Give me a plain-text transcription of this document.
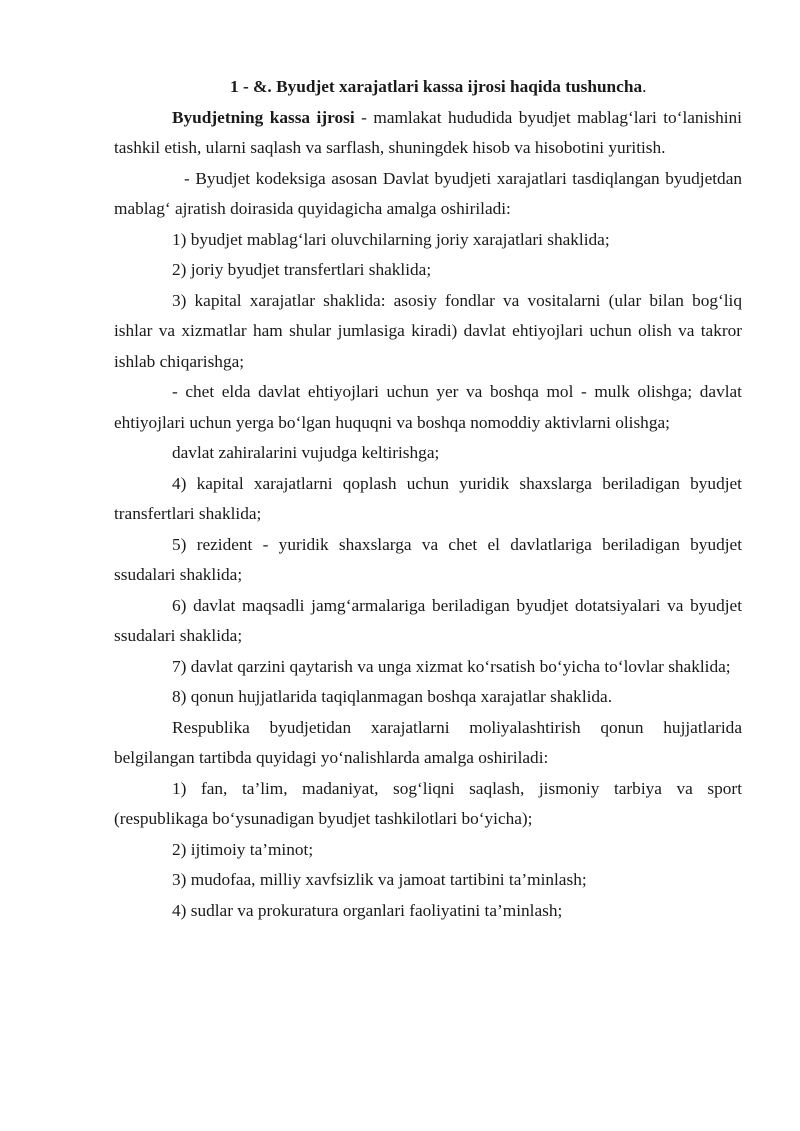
1 - &. Byudjet xarajatlari kassa ijrosi haqida tushuncha.

Byudjetning kassa ijrosi - mamlakat hududida byudjet mablag‘lari to‘lanishini tashkil etish, ularni saqlash va sarflash, shuningdek hisob va hisobotini yuritish.

- Byudjet kodeksiga asosan Davlat byudjeti xarajatlari tasdiqlangan byudjetdan mablag‘ ajratish doirasida quyidagicha amalga oshiriladi:

1) byudjet mablag‘lari oluvchilarning joriy xarajatlari shaklida;

2) joriy byudjet transfertlari shaklida;

3) kapital xarajatlar shaklida: asosiy fondlar va vositalarni (ular bilan bog‘liq ishlar va xizmatlar ham shular jumlasiga kiradi) davlat ehtiyojlari uchun olish va takror ishlab chiqarishga;

- chet elda davlat ehtiyojlari uchun yer va boshqa mol - mulk olishga; davlat ehtiyojlari uchun yerga bo‘lgan huquqni va boshqa nomoddiy aktivlarni olishga;

davlat zahiralarini vujudga keltirishga;

4) kapital xarajatlarni qoplash uchun yuridik shaxslarga beriladigan byudjet transfertlari shaklida;

5) rezident - yuridik shaxslarga va chet el davlatlariga beriladigan byudjet ssudalari shaklida;

6) davlat maqsadli jamg‘armalariga beriladigan byudjet dotatsiyalari va byudjet ssudalari shaklida;

7) davlat qarzini qaytarish va unga xizmat ko‘rsatish bo‘yicha to‘lovlar shaklida;

8) qonun hujjatlarida taqiqlanmagan boshqa xarajatlar shaklida.

Respublika byudjetidan xarajatlarni moliyalashtirish qonun hujjatlarida belgilangan tartibda quyidagi yo‘nalishlarda amalga oshiriladi:

1) fan, ta’lim, madaniyat, sog‘liqni saqlash, jismoniy tarbiya va sport (respublikaga bo‘ysunadigan byudjet tashkilotlari bo‘yicha);

2) ijtimoiy ta’minot;

3) mudofaa, milliy xavfsizlik va jamoat tartibini ta’minlash;

4) sudlar va prokuratura organlari faoliyatini ta’minlash;
